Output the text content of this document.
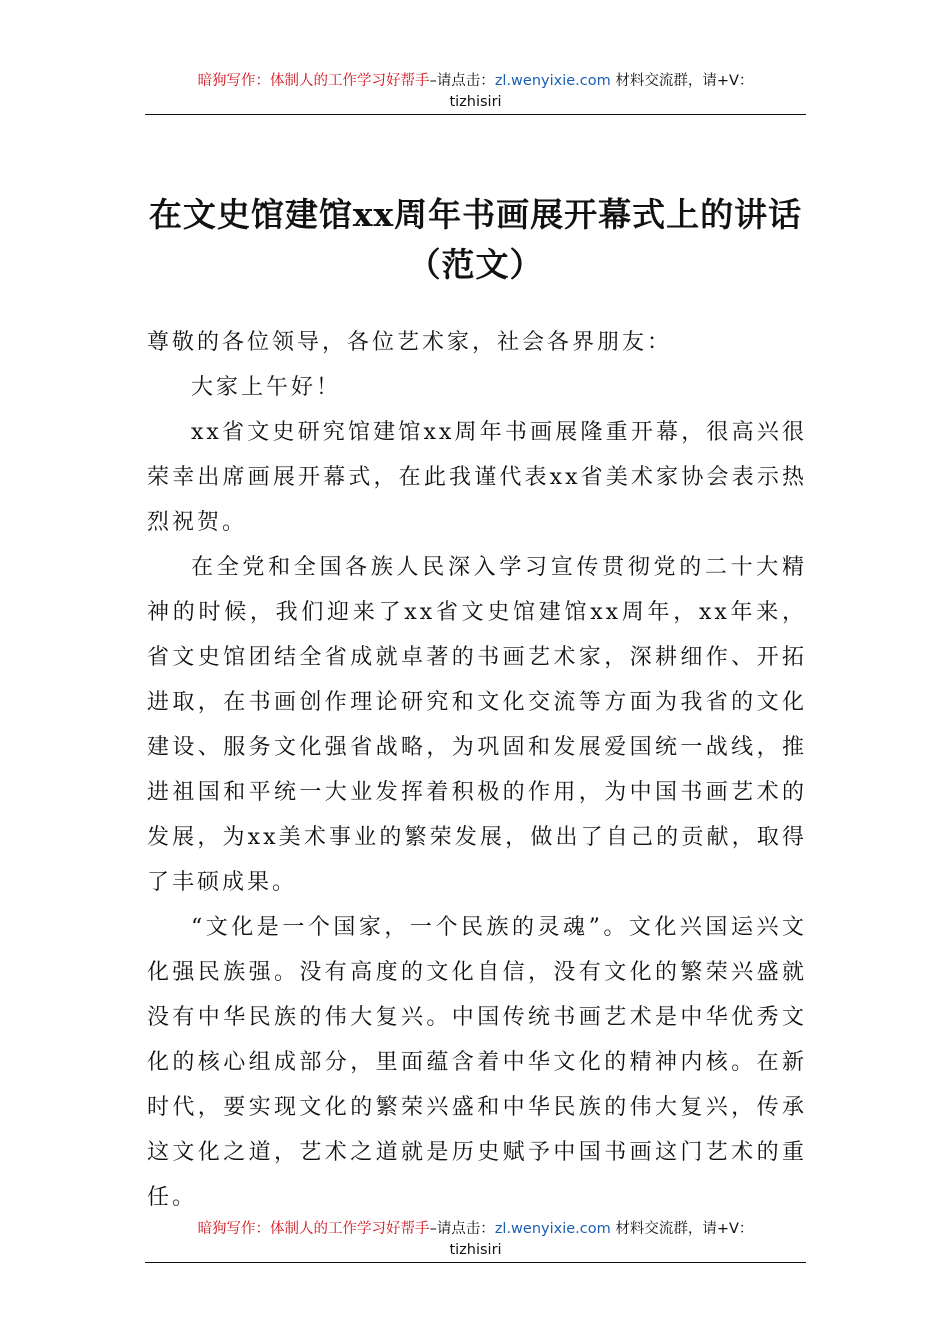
暗狗写作：体制人的工作学习好帮手–请点击：zl.wenyixie.com 材料交流群，请+V：
tizhisiri
在文史馆建馆xx周年书画展开幕式上的讲话（范文）

尊敬的各位领导，各位艺术家，社会各界朋友：

大家上午好！

xx省文史研究馆建馆xx周年书画展隆重开幕，很高兴很荣幸出席画展开幕式，在此我谨代表xx省美术家协会表示热烈祝贺。

在全党和全国各族人民深入学习宣传贯彻党的二十大精神的时候，我们迎来了xx省文史馆建馆xx周年，xx年来，省文史馆团结全省成就卓著的书画艺术家，深耕细作、开拓进取，在书画创作理论研究和文化交流等方面为我省的文化建设、服务文化强省战略，为巩固和发展爱国统一战线，推进祖国和平统一大业发挥着积极的作用，为中国书画艺术的发展，为xx美术事业的繁荣发展，做出了自己的贡献，取得了丰硕成果。

“文化是一个国家，一个民族的灵魂”。文化兴国运兴文化强民族强。没有高度的文化自信，没有文化的繁荣兴盛就没有中华民族的伟大复兴。中国传统书画艺术是中华优秀文化的核心组成部分，里面蕴含着中华文化的精神内核。在新时代，要实现文化的繁荣兴盛和中华民族的伟大复兴，传承这文化之道，艺术之道就是历史赋予中国书画这门艺术的重任。

暗狗写作：体制人的工作学习好帮手–请点击：zl.wenyixie.com 材料交流群，请+V：
tizhisiri
